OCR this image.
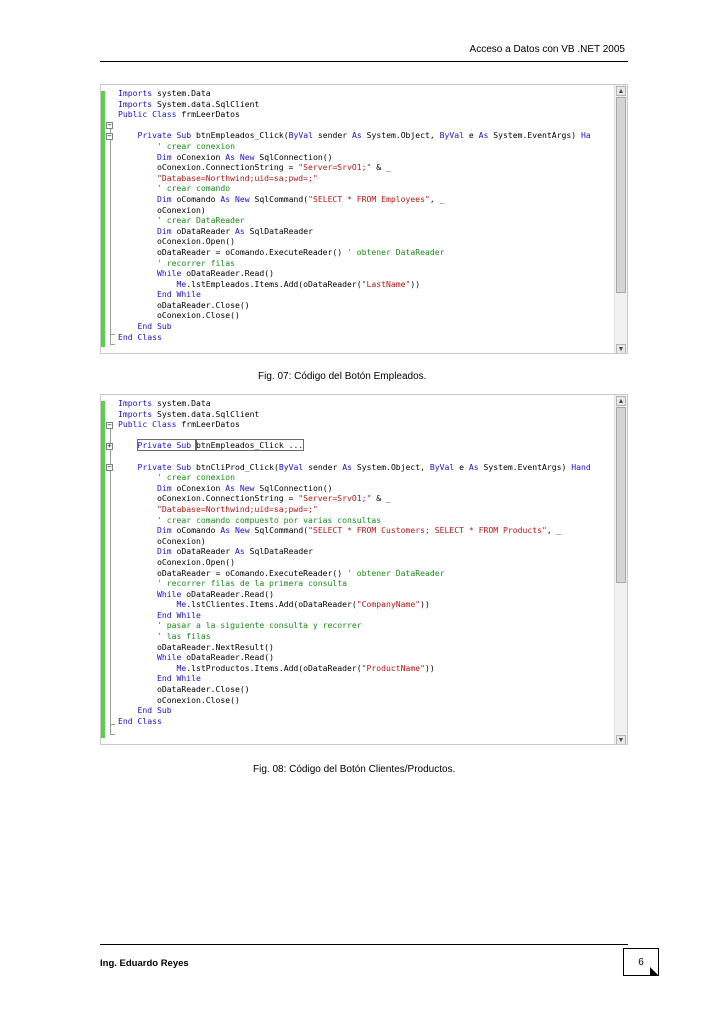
Acceso a Datos con VB .NET 2005
−
−
Imports system.Data
Imports System.data.SqlClient
Public Class frmLeerDatos
Private Sub btnEmpleados_Click(ByVal sender As System.Object, ByVal e As System.EventArgs) Ha
' crear conexion
Dim oConexion As New SqlConnection()
oConexion.ConnectionString = "Server=SrvO1;" & _
"Database=Northwind;uid=sa;pwd=;"
' crear comando
Dim oComando As New SqlCommand("SELECT * FROM Employees", _
oConexion)
' crear DataReader
Dim oDataReader As SqlDataReader
oConexion.Open()
oDataReader = oComando.ExecuteReader() ' obtener DataReader
' recorrer filas
While oDataReader.Read()
Me.lstEmpleados.Items.Add(oDataReader("LastName"))
End While
oDataReader.Close()
oConexion.Close()
End Sub
End Class
▲
▼
Fig. 07: Código del Botón Empleados.
−
+
−
Imports system.Data
Imports System.data.SqlClient
Public Class frmLeerDatos
Private Sub btnEmpleados_Click ...
Private Sub btnCliProd_Click(ByVal sender As System.Object, ByVal e As System.EventArgs) Hand
' crear conexion
Dim oConexion As New SqlConnection()
oConexion.ConnectionString = "Server=SrvO1;" & _
"Database=Northwind;uid=sa;pwd=;"
' crear comando compuesto por varias consultas
Dim oComando As New SqlCommand("SELECT * FROM Customers; SELECT * FROM Products", _
oConexion)
Dim oDataReader As SqlDataReader
oConexion.Open()
oDataReader = oComando.ExecuteReader() ' obtener DataReader
' recorrer filas de la primera consulta
While oDataReader.Read()
Me.lstClientes.Items.Add(oDataReader("CompanyName"))
End While
' pasar a la siguiente consulta y recorrer
' las filas
oDataReader.NextResult()
While oDataReader.Read()
Me.lstProductos.Items.Add(oDataReader("ProductName"))
End While
oDataReader.Close()
oConexion.Close()
End Sub
End Class
▲
▼
Fig. 08: Código del Botón Clientes/Productos.
Ing. Eduardo Reyes	6
